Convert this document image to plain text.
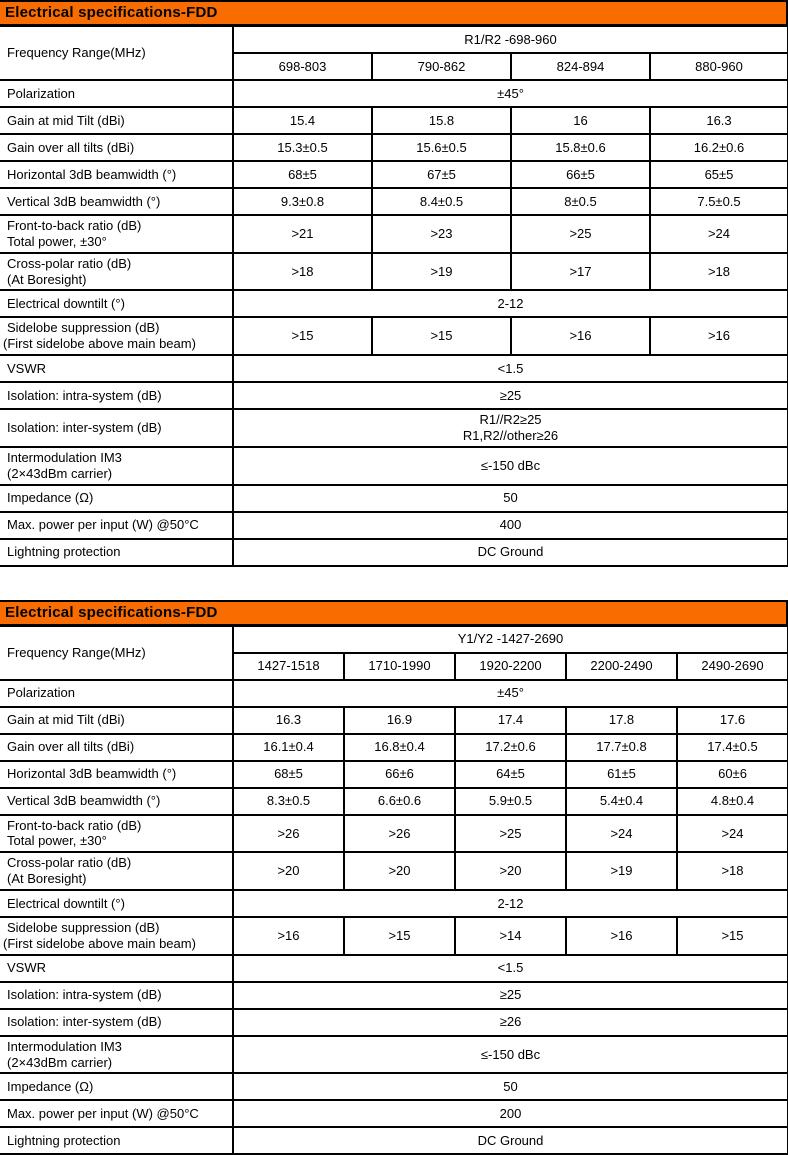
Electrical specifications-FDD
Frequency Range(MHz)	R1/R2 -698-960			
	698-803	790-862	824-894	880-960
Polarization	±45°			
Gain at mid Tilt (dBi)	15.4	15.8	16	16.3
Gain over all tilts (dBi)	15.3±0.5	15.6±0.5	15.8±0.6	16.2±0.6
Horizontal 3dB beamwidth (°)	68±5	67±5	66±5	65±5
Vertical 3dB beamwidth (°)	9.3±0.8	8.4±0.5	8±0.5	7.5±0.5

Front-to-back ratio (dB)
Total power, ±30°	>21	>23	>25	>24

Cross-polar ratio (dB)
(At Boresight)	>18	>19	>17	>18
Electrical downtilt (°)	2-12			

Sidelobe suppression (dB)
(First sidelobe above main beam)	>15	>15	>16	>16
VSWR	<1.5			
Isolation: intra-system (dB)	≥25			
Isolation: inter-system (dB)	R1//R2≥25
R1,R2//other≥26			

Intermodulation IM3
(2×43dBm carrier)	≤-150 dBc			
Impedance (Ω)	50			
Max. power per input (W) @50°C	400			
Lightning protection	DC Ground			
Electrical specifications-FDD
Frequency Range(MHz)	Y1/Y2 -1427-2690				
	1427-1518	1710-1990	1920-2200	2200-2490	2490-2690
Polarization	±45°				
Gain at mid Tilt (dBi)	16.3	16.9	17.4	17.8	17.6
Gain over all tilts (dBi)	16.1±0.4	16.8±0.4	17.2±0.6	17.7±0.8	17.4±0.5
Horizontal 3dB beamwidth (°)	68±5	66±6	64±5	61±5	60±6
Vertical 3dB beamwidth (°)	8.3±0.5	6.6±0.6	5.9±0.5	5.4±0.4	4.8±0.4

Front-to-back ratio (dB)
Total power, ±30°	>26	>26	>25	>24	>24

Cross-polar ratio (dB)
(At Boresight)	>20	>20	>20	>19	>18
Electrical downtilt (°)	2-12				

Sidelobe suppression (dB)
(First sidelobe above main beam)	>16	>15	>14	>16	>15
VSWR	<1.5				
Isolation: intra-system (dB)	≥25				
Isolation: inter-system (dB)	≥26				

Intermodulation IM3
(2×43dBm carrier)	≤-150 dBc				
Impedance (Ω)	50				
Max. power per input (W) @50°C	200				
Lightning protection	DC Ground				
